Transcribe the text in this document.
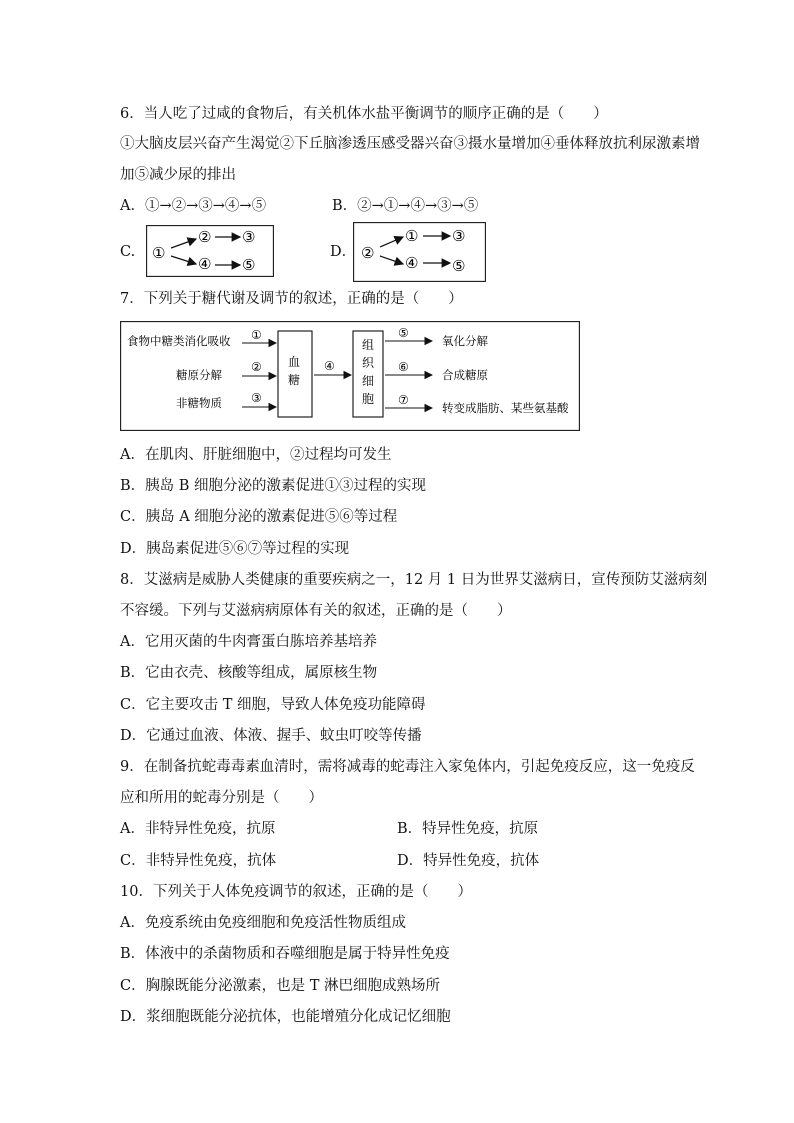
6．当人吃了过咸的食物后，有关机体水盐平衡调节的顺序正确的是（　　）
①大脑皮层兴奋产生渴觉②下丘脑渗透压感受器兴奋③摄水量增加④垂体释放抗利尿激素增
加⑤减少尿的排出
A．①→②→③→④→⑤	B．②→①→④→③→⑤
C. ①
② ③
④ ⑤
D． ②
① ③
④ ⑤
7．下列关于糖代谢及调节的叙述，正确的是（　　）
食物中糖类消化吸收
糖原分解
非糖物质
①
②
③
血
糖
④
组
织
细
胞
⑤
氧化分解
⑥
合成糖原
⑦
转变成脂肪、某些氨基酸
A．在肌肉、肝脏细胞中，②过程均可发生
B．胰岛 B 细胞分泌的激素促进①③过程的实现
C．胰岛 A 细胞分泌的激素促进⑤⑥等过程
D．胰岛素促进⑤⑥⑦等过程的实现
8．艾滋病是威胁人类健康的重要疾病之一，12 月 1 日为世界艾滋病日，宣传预防艾滋病刻
不容缓。下列与艾滋病病原体有关的叙述，正确的是（　　）
A．它用灭菌的牛肉膏蛋白胨培养基培养
B．它由衣壳、核酸等组成，属原核生物
C．它主要攻击 T 细胞，导致人体免疫功能障碍
D．它通过血液、体液、握手、蚊虫叮咬等传播
9．在制备抗蛇毒毒素血清时，需将减毒的蛇毒注入家兔体内，引起免疫反应，这一免疫反
应和所用的蛇毒分别是（　　）
A．非特异性免疫，抗原	B．特异性免疫，抗原
C．非特异性免疫，抗体	D．特异性免疫，抗体
10．下列关于人体免疫调节的叙述，正确的是（　　）
A．免疫系统由免疫细胞和免疫活性物质组成
B．体液中的杀菌物质和吞噬细胞是属于特异性免疫
C．胸腺既能分泌激素，也是 T 淋巴细胞成熟场所
D．浆细胞既能分泌抗体，也能增殖分化成记忆细胞
